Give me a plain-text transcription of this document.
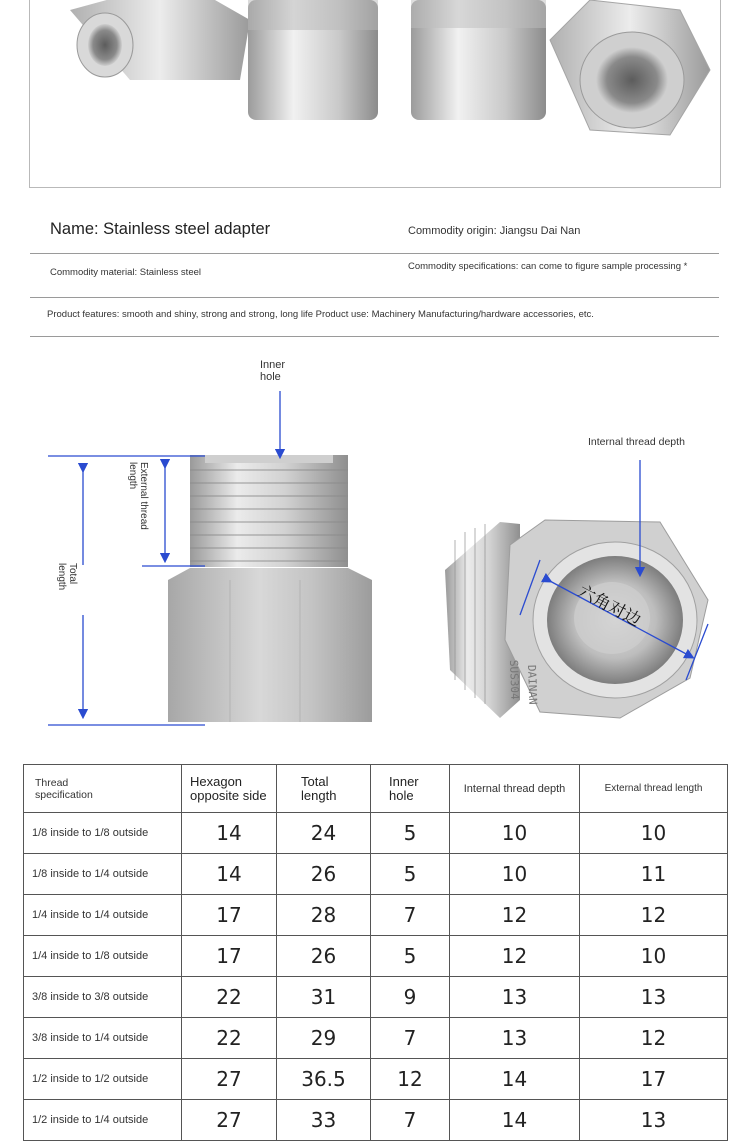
Name: Stainless steel adapter	Commodity origin: Jiangsu Dai Nan
Commodity material: Stainless steel
Commodity specifications: can come to figure sample processing *
Product features: smooth and shiny, strong and strong, long life Product use: Machinery Manufacturing/hardware accessories, etc.
SUS304 DAINAN
Inner
hole
External thread
length
Total
length
Internal thread depth
六角对边
Thread
specification	Hexagon
opposite side	Total
length	Inner
hole	Internal thread depth	External thread length
1/8 inside to 1/8 outside	14	24	5	10	10
1/8 inside to 1/4 outside	14	26	5	10	11
1/4 inside to 1/4 outside	17	28	7	12	12
1/4 inside to 1/8 outside	17	26	5	12	10
3/8 inside to 3/8 outside	22	31	9	13	13
3/8 inside to 1/4 outside	22	29	7	13	12
1/2 inside to 1/2 outside	27	36.5	12	14	17
1/2 inside to 1/4 outside	27	33	7	14	13
